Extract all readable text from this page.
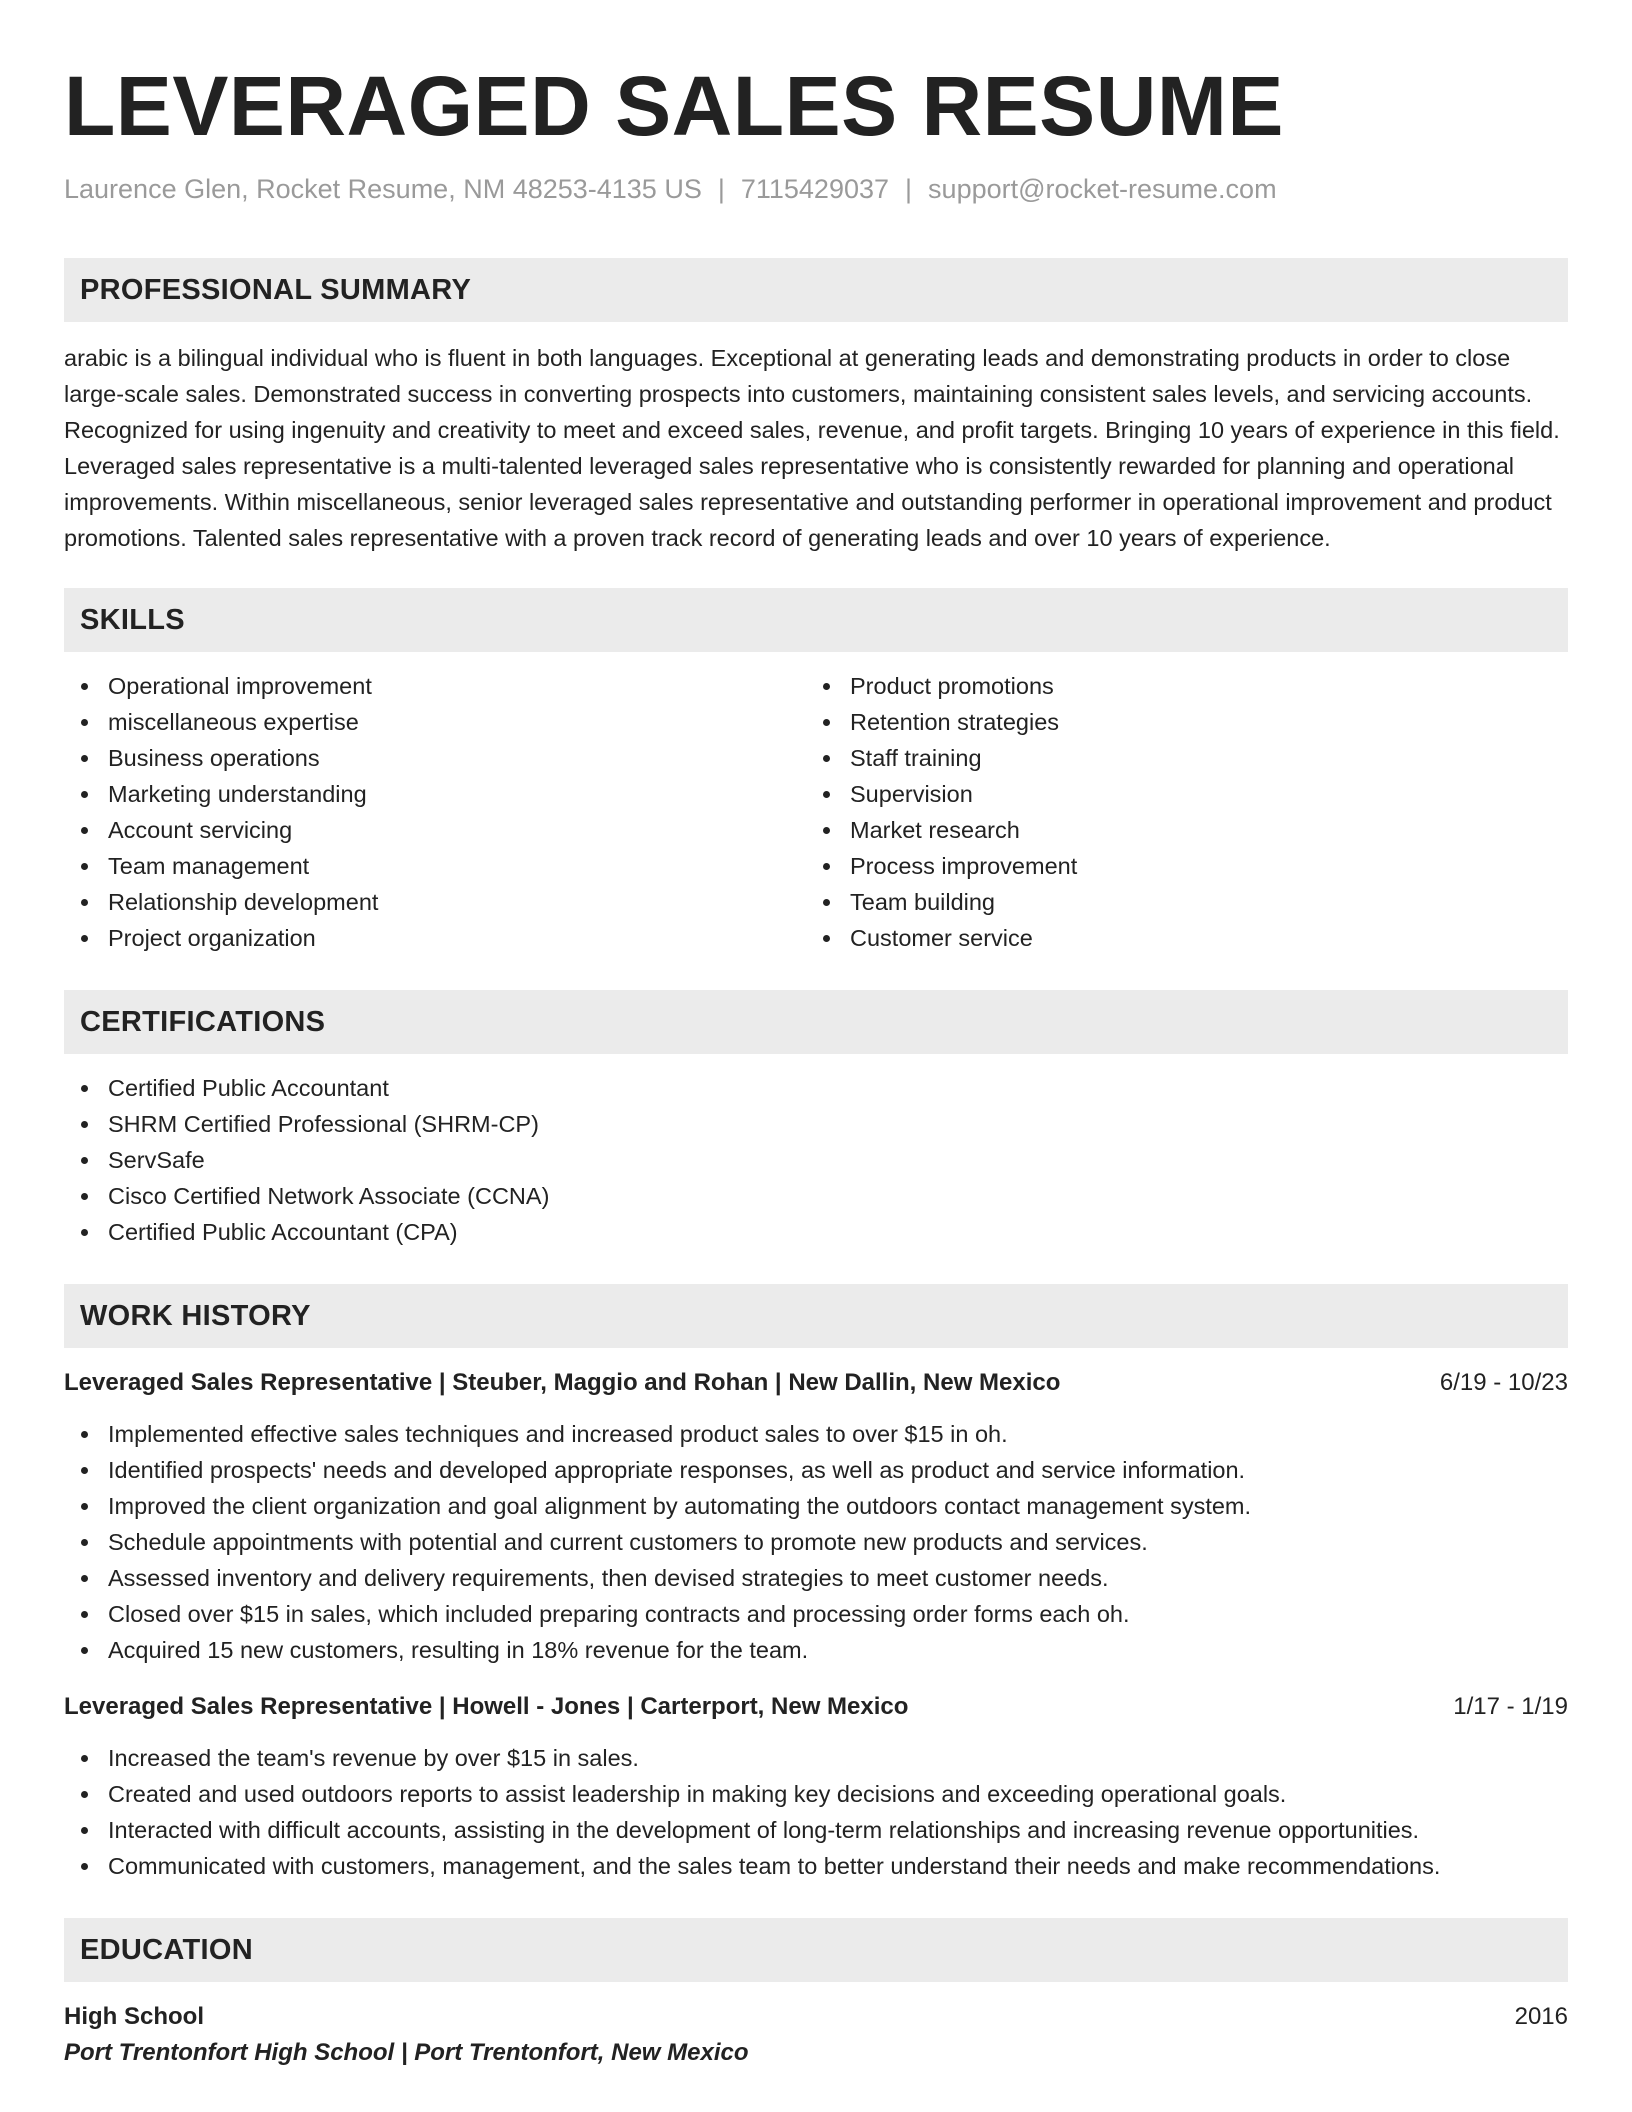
LEVERAGED SALES RESUME
Laurence Glen, Rocket Resume, NM 48253-4135 US | 7115429037 | support@rocket-resume.com
PROFESSIONAL SUMMARY

arabic is a bilingual individual who is fluent in both languages. Exceptional at generating leads and demonstrating products in order to close large-scale sales. Demonstrated success in converting prospects into customers, maintaining consistent sales levels, and servicing accounts. Recognized for using ingenuity and creativity to meet and exceed sales, revenue, and profit targets. Bringing 10 years of experience in this field. Leveraged sales representative is a multi-talented leveraged sales representative who is consistently rewarded for planning and operational improvements. Within miscellaneous, senior leveraged sales representative and outstanding performer in operational improvement and product promotions. Talented sales representative with a proven track record of generating leads and over 10 years of experience.

SKILLS
Operational improvement
miscellaneous expertise
Business operations
Marketing understanding
Account servicing
Team management
Relationship development
Project organization
Product promotions
Retention strategies
Staff training
Supervision
Market research
Process improvement
Team building
Customer service
CERTIFICATIONS
Certified Public Accountant
SHRM Certified Professional (SHRM-CP)
ServSafe
Cisco Certified Network Associate (CCNA)
Certified Public Accountant (CPA)
WORK HISTORY
Leveraged Sales Representative | Steuber, Maggio and Rohan | New Dallin, New Mexico	6/19 - 10/23
Implemented effective sales techniques and increased product sales to over $15 in oh.
Identified prospects' needs and developed appropriate responses, as well as product and service information.
Improved the client organization and goal alignment by automating the outdoors contact management system.
Schedule appointments with potential and current customers to promote new products and services.
Assessed inventory and delivery requirements, then devised strategies to meet customer needs.
Closed over $15 in sales, which included preparing contracts and processing order forms each oh.
Acquired 15 new customers, resulting in 18% revenue for the team.
Leveraged Sales Representative | Howell - Jones | Carterport, New Mexico	1/17 - 1/19
Increased the team's revenue by over $15 in sales.
Created and used outdoors reports to assist leadership in making key decisions and exceeding operational goals.
Interacted with difficult accounts, assisting in the development of long-term relationships and increasing revenue opportunities.
Communicated with customers, management, and the sales team to better understand their needs and make recommendations.
EDUCATION
High School	2016
Port Trentonfort High School | Port Trentonfort, New Mexico
